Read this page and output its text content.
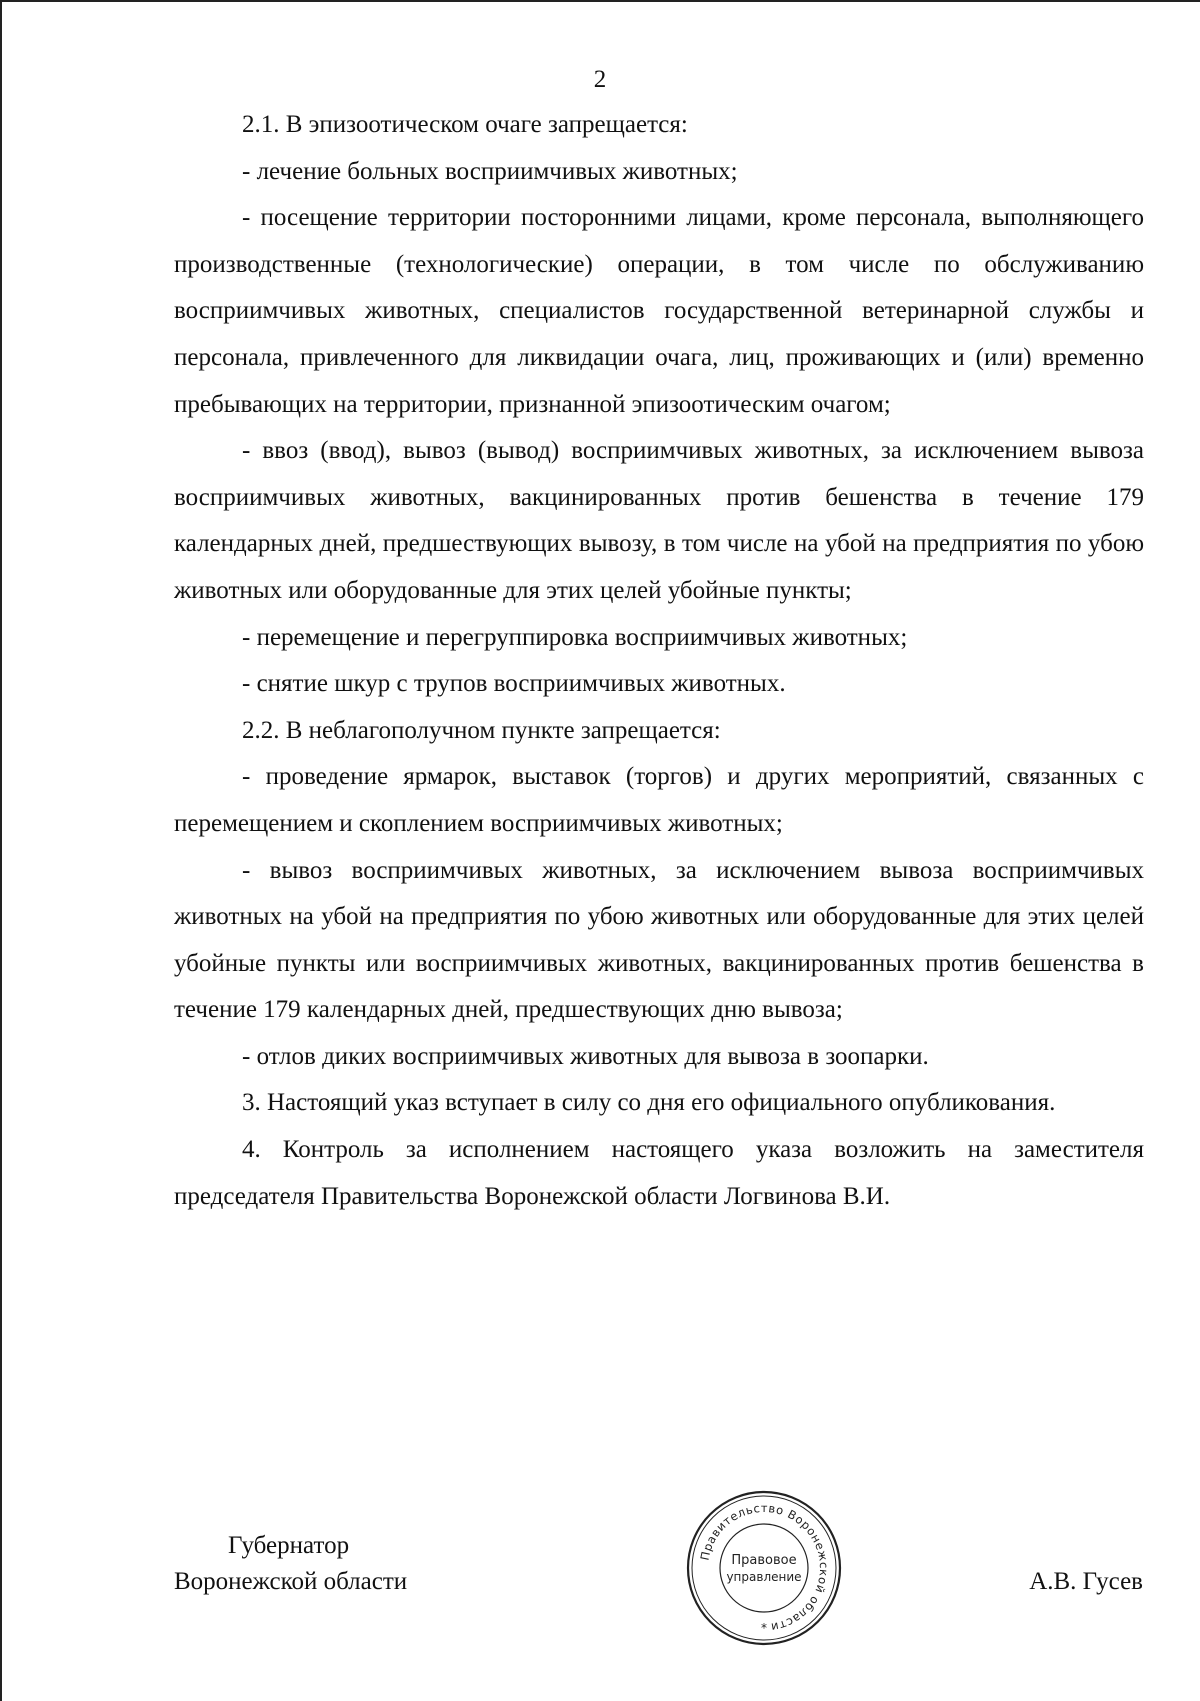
2

2.1. В эпизоотическом очаге запрещается:

- лечение больных восприимчивых животных;

- посещение территории посторонними лицами, кроме персонала, выполняющего производственные (технологические) операции, в том числе по обслуживанию восприимчивых животных, специалистов государственной ветеринарной службы и персонала, привлеченного для ликвидации очага, лиц, проживающих и (или) временно пребывающих на территории, признанной эпизоотическим очагом;

- ввоз (ввод), вывоз (вывод) восприимчивых животных, за исключением вывоза восприимчивых животных, вакцинированных против бешенства в течение 179 календарных дней, предшествующих вывозу, в том числе на убой на предприятия по убою животных или оборудованные для этих целей убойные пункты;

- перемещение и перегруппировка восприимчивых животных;

- снятие шкур с трупов восприимчивых животных.

2.2. В неблагополучном пункте запрещается:

- проведение ярмарок, выставок (торгов) и других мероприятий, связанных с перемещением и скоплением восприимчивых животных;

- вывоз восприимчивых животных, за исключением вывоза восприимчивых животных на убой на предприятия по убою животных или оборудованные для этих целей убойные пункты или восприимчивых животных, вакцинированных против бешенства в течение 179 календарных дней, предшествующих дню вывоза;

- отлов диких восприимчивых животных для вывоза в зоопарки.

3. Настоящий указ вступает в силу со дня его официального опубликования.

4. Контроль за исполнением настоящего указа возложить на заместителя председателя Правительства Воронежской области Логвинова В.И.

Губернатор
Воронежской области
Правительство Воронежской области
Правовое
управление
*
А.В. Гусев
